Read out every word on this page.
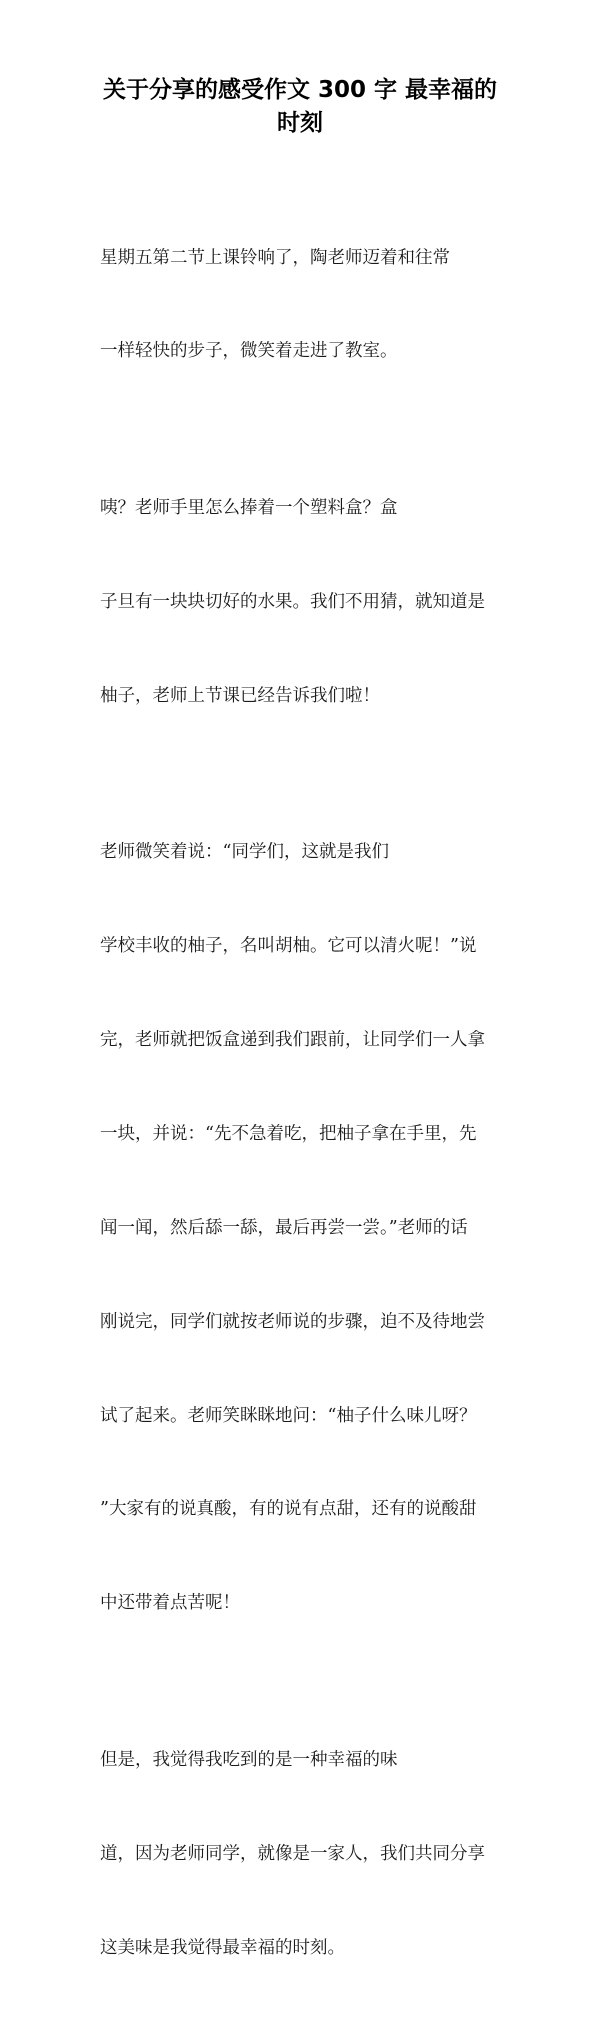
关于分享的感受作文 300 字 最幸福的
时刻

星期五第二节上课铃响了，陶老师迈着和往常

一样轻快的步子，微笑着走进了教室。

咦？老师手里怎么捧着一个塑料盒？盒

子旦有一块块切好的水果。我们不用猜，就知道是

柚子，老师上节课已经告诉我们啦！

老师微笑着说：“同学们，这就是我们

学校丰收的柚子，名叫胡柚。它可以清火呢！”说

完，老师就把饭盒递到我们跟前，让同学们一人拿

一块，并说：“先不急着吃，把柚子拿在手里，先

闻一闻，然后舔一舔，最后再尝一尝。”老师的话

刚说完，同学们就按老师说的步骤，迫不及待地尝

试了起来。老师笑眯眯地问：“柚子什么味儿呀？

”大家有的说真酸，有的说有点甜，还有的说酸甜

中还带着点苦呢！

但是，我觉得我吃到的是一种幸福的味

道，因为老师同学，就像是一家人，我们共同分享

这美味是我觉得最幸福的时刻。
